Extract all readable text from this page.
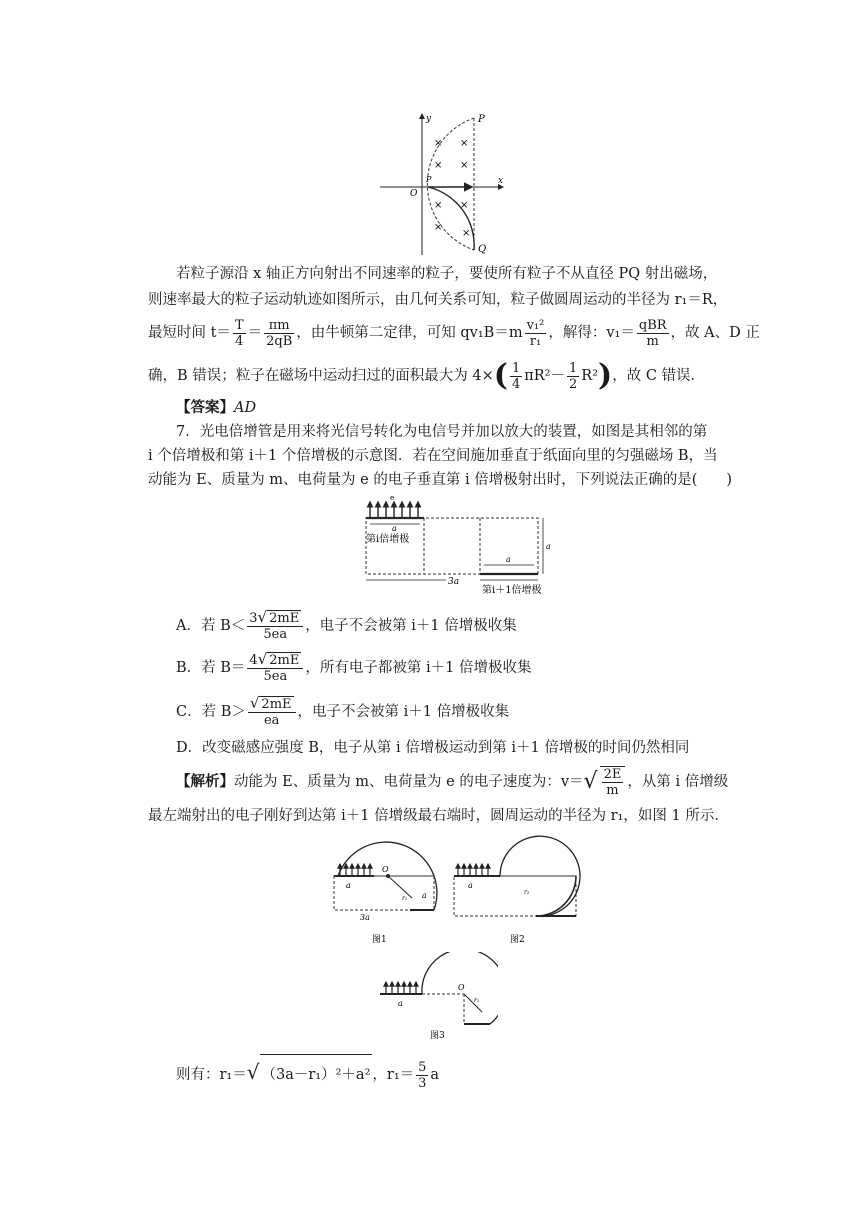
× ×
× ×
× ×
×
×
y
x
O
P
P
Q
若粒子源沿 x 轴正方向射出不同速率的粒子，要使所有粒子不从直径 PQ 射出磁场，
则速率最大的粒子运动轨迹如图所示，由几何关系可知，粒子做圆周运动的半径为 r₁＝R，
最短时间 $t= \frac{T}{4} = \frac{\pi m}{2qB}$ ，由牛顿第二定律，可知 $qv_1B=m \frac{\text{v₁²}}{\text{r₁}}$ ，解得：$v_1= \frac{\text{qBR}}{m}$ ，故 A、D 正
确，B 错误；粒子在磁场中运动扫过的面积最大为 $4\times( \frac{1}{4} \pi R^2- \frac{1}{2} R^2)$，故 C 错误．
【答案】AD
7．光电倍增管是用来将光信号转化为电信号并加以放大的装置，如图是其相邻的第
i 个倍增极和第 i＋1 个倍增极的示意图．若在空间施加垂直于纸面向里的匀强磁场 B，当
动能为 E、质量为 m、电荷量为 e 的电子垂直第 i 倍增极射出时，下列说法正确的是(　　)
e
a
第i倍增极
a
a
3a
第i＋1倍增极
A．若 $B< \frac{3√ 2mE}{5ea}$ ，电子不会被第 i＋1 倍增极收集
B．若 $B= \frac{4√ 2mE}{5ea}$ ，所有电子都被第 i＋1 倍增极收集
C．若 $B> \frac{√ 2mE}{ea}$ ，电子不会被第 i＋1 倍增极收集
D．改变磁感应强度 B，电子从第 i 倍增极运动到第 i＋1 倍增极的时间仍然相同
【解析】动能为 E、质量为 m、电荷量为 e 的电子速度为：$v=√ \frac{2E}{m}$ ，从第 i 倍增级
最左端射出的电子刚好到达第 i＋1 倍增级最右端时，圆周运动的半径为 r₁，如图 1 所示．
a
O
r₁ a
3a
图1
a
r₂
图2
a
O
r₁
图3
则有：r₁＝√ （3a－r₁）²＋a² ，$r_1= \frac{5}{3}$ a
